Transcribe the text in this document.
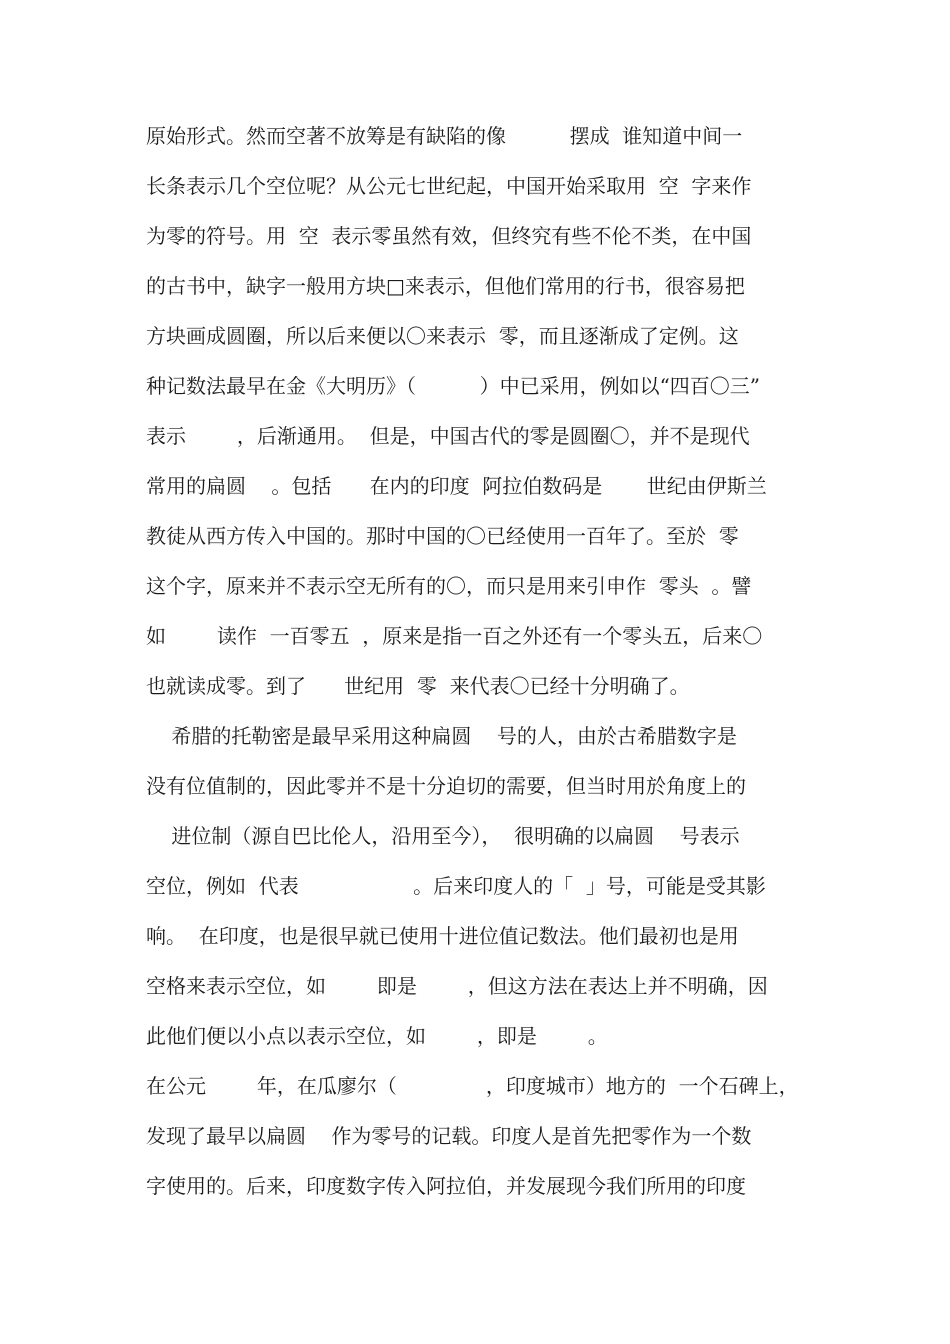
原始形式。然而空著不放筹是有缺陷的像          摆成  谁知道中间一
长条表示几个空位呢？从公元七世纪起，中国开始采取用  空  字来作
为零的符号。用  空  表示零虽然有效，但终究有些不伦不类，在中国
的古书中，缺字一般用方块□来表示，但他们常用的行书，很容易把
方块画成圆圈，所以后来便以〇来表示  零，而且逐渐成了定例。这
种记数法最早在金《大明历》（          ）中已采用，例如以“四百〇三”
表示        ，后渐通用。  但是，中国古代的零是圆圈〇，并不是现代
常用的扁圆    。包括      在内的印度  阿拉伯数码是       世纪由伊斯兰
教徒从西方传入中国的。那时中国的〇已经使用一百年了。至於  零
这个字，原来并不表示空无所有的〇，而只是用来引申作  零头  。譬
如        读作  一百零五  ，原来是指一百之外还有一个零头五，后来〇
也就读成零。到了      世纪用  零  来代表〇已经十分明确了。
希腊的托勒密是最早采用这种扁圆    号的人，由於古希腊数字是
没有位值制的，因此零并不是十分迫切的需要，但当时用於角度上的
进位制（源自巴比伦人，沿用至今），  很明确的以扁圆    号表示
空位，例如  代表                  。后来印度人的「  」号，可能是受其影
响。  在印度，也是很早就已使用十进位值记数法。他们最初也是用
空格来表示空位，如        即是        ，但这方法在表达上并不明确，因
此他们便以小点以表示空位，如        ，即是        。
在公元        年，在瓜廖尔（              ，印度城市）地方的  一个石碑上，
发现了最早以扁圆    作为零号的记载。印度人是首先把零作为一个数
字使用的。后来，印度数字传入阿拉伯，并发展现今我们所用的印度
